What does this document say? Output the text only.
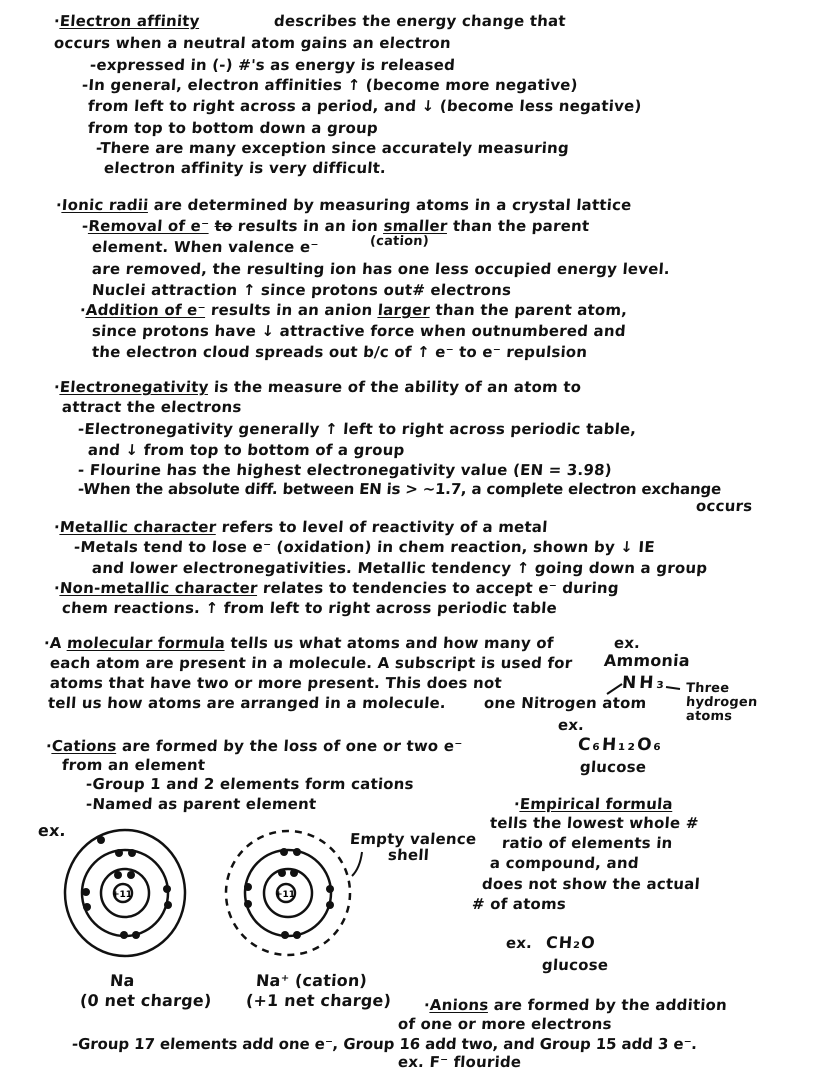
·Electron affinity	describes the energy change that
occurs when a neutral atom gains an electron
-expressed in (-) #'s as energy is released
-In general, electron affinities ↑ (become more negative)
from left to right across a period, and ↓ (become less negative)
from top to bottom down a group
-There are many exception since accurately measuring
electron affinity is very difficult.
·Ionic radii are determined by measuring atoms in a crystal lattice
-Removal of e⁻ to results in an ion smaller than the parent
(cation)
element. When valence e⁻
are removed, the resulting ion has one less occupied energy level.
Nuclei attraction ↑ since protons out# electrons
·Addition of e⁻ results in an anion larger than the parent atom,
since protons have ↓ attractive force when outnumbered and
the electron cloud spreads out b/c of ↑ e⁻ to e⁻ repulsion
·Electronegativity is the measure of the ability of an atom to
attract the electrons
-Electronegativity generally ↑ left to right across periodic table,
and ↓ from top to bottom of a group
- Flourine has the highest electronegativity value (EN = 3.98)
-When the absolute diff. between EN is > ~1.7, a complete electron exchange
occurs
·Metallic character refers to level of reactivity of a metal
-Metals tend to lose e⁻ (oxidation) in chem reaction, shown by ↓ IE
and lower electronegativities. Metallic tendency ↑ going down a group
·Non-metallic character relates to tendencies to accept e⁻ during
chem reactions. ↑ from left to right across periodic table
·A molecular formula tells us what atoms and how many of
each atom are present in a molecule. A subscript is used for
atoms that have two or more present. This does not
tell us how atoms are arranged in a molecule.
ex.
Ammonia
NH₃
one Nitrogen atom
Three
hydrogen
atoms
ex.
C₆H₁₂O₆
glucose
·Cations are formed by the loss of one or two e⁻
from an element
-Group 1 and 2 elements form cations
-Named as parent element
ex.
+11	+11
Empty valence
shell
Na
(0 net charge)
Na⁺ (cation)
(+1 net charge)
·Empirical formula
tells the lowest whole #
ratio of elements in
a compound, and
does not show the actual
# of atoms
ex. CH₂O
glucose
·Anions are formed by the addition
of one or more electrons
-Group 17 elements add one e⁻, Group 16 add two, and Group 15 add 3 e⁻.
ex. F⁻ flouride
